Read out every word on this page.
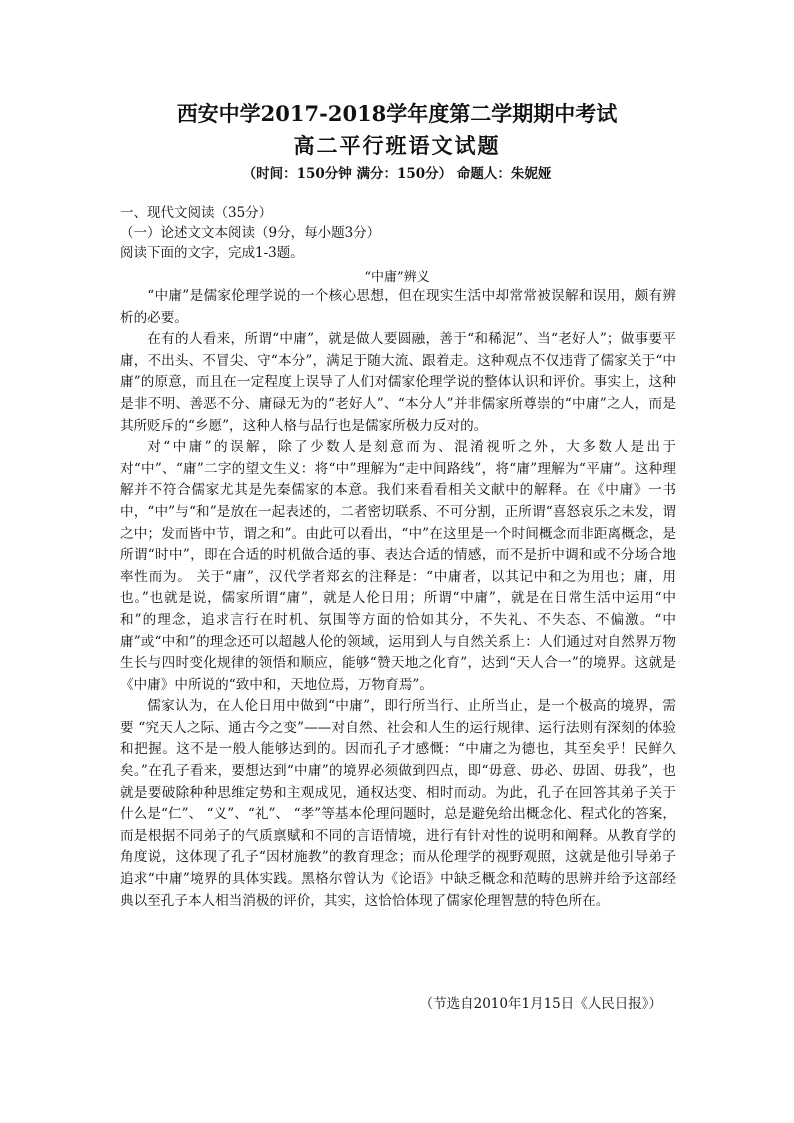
西安中学2017-2018学年度第二学期期中考试
高二平行班语文试题
（时间：150分钟 满分：150分） 命题人：朱妮娅
一、现代文阅读（35分）
（一）论述文文本阅读（9分，每小题3分）
阅读下面的文字，完成1-3题。
“中庸”辨义

“中庸”是儒家伦理学说的一个核心思想，但在现实生活中却常常被误解和误用，颇有辨析的必要。

在有的人看来，所谓“中庸”，就是做人要圆融，善于“和稀泥”、当“老好人”；做事要平庸，不出头、不冒尖、守“本分”，满足于随大流、跟着走。这种观点不仅违背了儒家关于“中庸”的原意，而且在一定程度上误导了人们对儒家伦理学说的整体认识和评价。事实上，这种是非不明、善恶不分、庸碌无为的“老好人”、“本分人”并非儒家所尊崇的“中庸”之人，而是其所贬斥的“乡愿”，这种人格与品行也是儒家所极力反对的。

对“中庸”的误解，除了少数人是刻意而为、混淆视听之外，大多数人是出于对“中”、“庸”二字的望文生义：将“中”理解为“走中间路线”，将“庸”理解为“平庸”。这种理解并不符合儒家尤其是先秦儒家的本意。我们来看看相关文献中的解释。在《中庸》一书中，“中”与“和”是放在一起表述的，二者密切联系、不可分割，正所谓“喜怒哀乐之未发，谓之中；发而皆中节，谓之和”。由此可以看出，“中”在这里是一个时间概念而非距离概念，是所谓“时中”，即在合适的时机做合适的事、表达合适的情感，而不是折中调和或不分场合地率性而为。 关于“庸”，汉代学者郑玄的注释是：“中庸者，以其记中和之为用也；庸，用也。”也就是说，儒家所谓“庸”，就是人伦日用；所谓“中庸”，就是在日常生活中运用“中和”的理念，追求言行在时机、氛围等方面的恰如其分，不失礼、不失态、不偏激。“中庸”或“中和”的理念还可以超越人伦的领域，运用到人与自然关系上：人们通过对自然界万物生长与四时变化规律的领悟和顺应，能够“赞天地之化育”，达到“天人合一”的境界。这就是《中庸》中所说的“致中和，天地位焉，万物育焉”。

儒家认为，在人伦日用中做到“中庸”，即行所当行、止所当止，是一个极高的境界，需要 “究天人之际、通古今之变”——对自然、社会和人生的运行规律、运行法则有深刻的体验和把握。这不是一般人能够达到的。因而孔子才感慨：“中庸之为德也，其至矣乎！民鲜久矣。”在孔子看来，要想达到“中庸”的境界必须做到四点，即“毋意、毋必、毋固、毋我”，也就是要破除种种思维定势和主观成见，通权达变、相时而动。为此，孔子在回答其弟子关于什么是“仁”、 “义”、“礼”、 “孝”等基本伦理问题时，总是避免给出概念化、程式化的答案，而是根据不同弟子的气质禀赋和不同的言语情境，进行有针对性的说明和阐释。从教育学的角度说，这体现了孔子“因材施教”的教育理念；而从伦理学的视野观照，这就是他引导弟子追求“中庸”境界的具体实践。黑格尔曾认为《论语》中缺乏概念和范畴的思辨并给予这部经典以至孔子本人相当消极的评价，其实，这恰恰体现了儒家伦理智慧的特色所在。

（节选自2010年1月15日《人民日报》）
